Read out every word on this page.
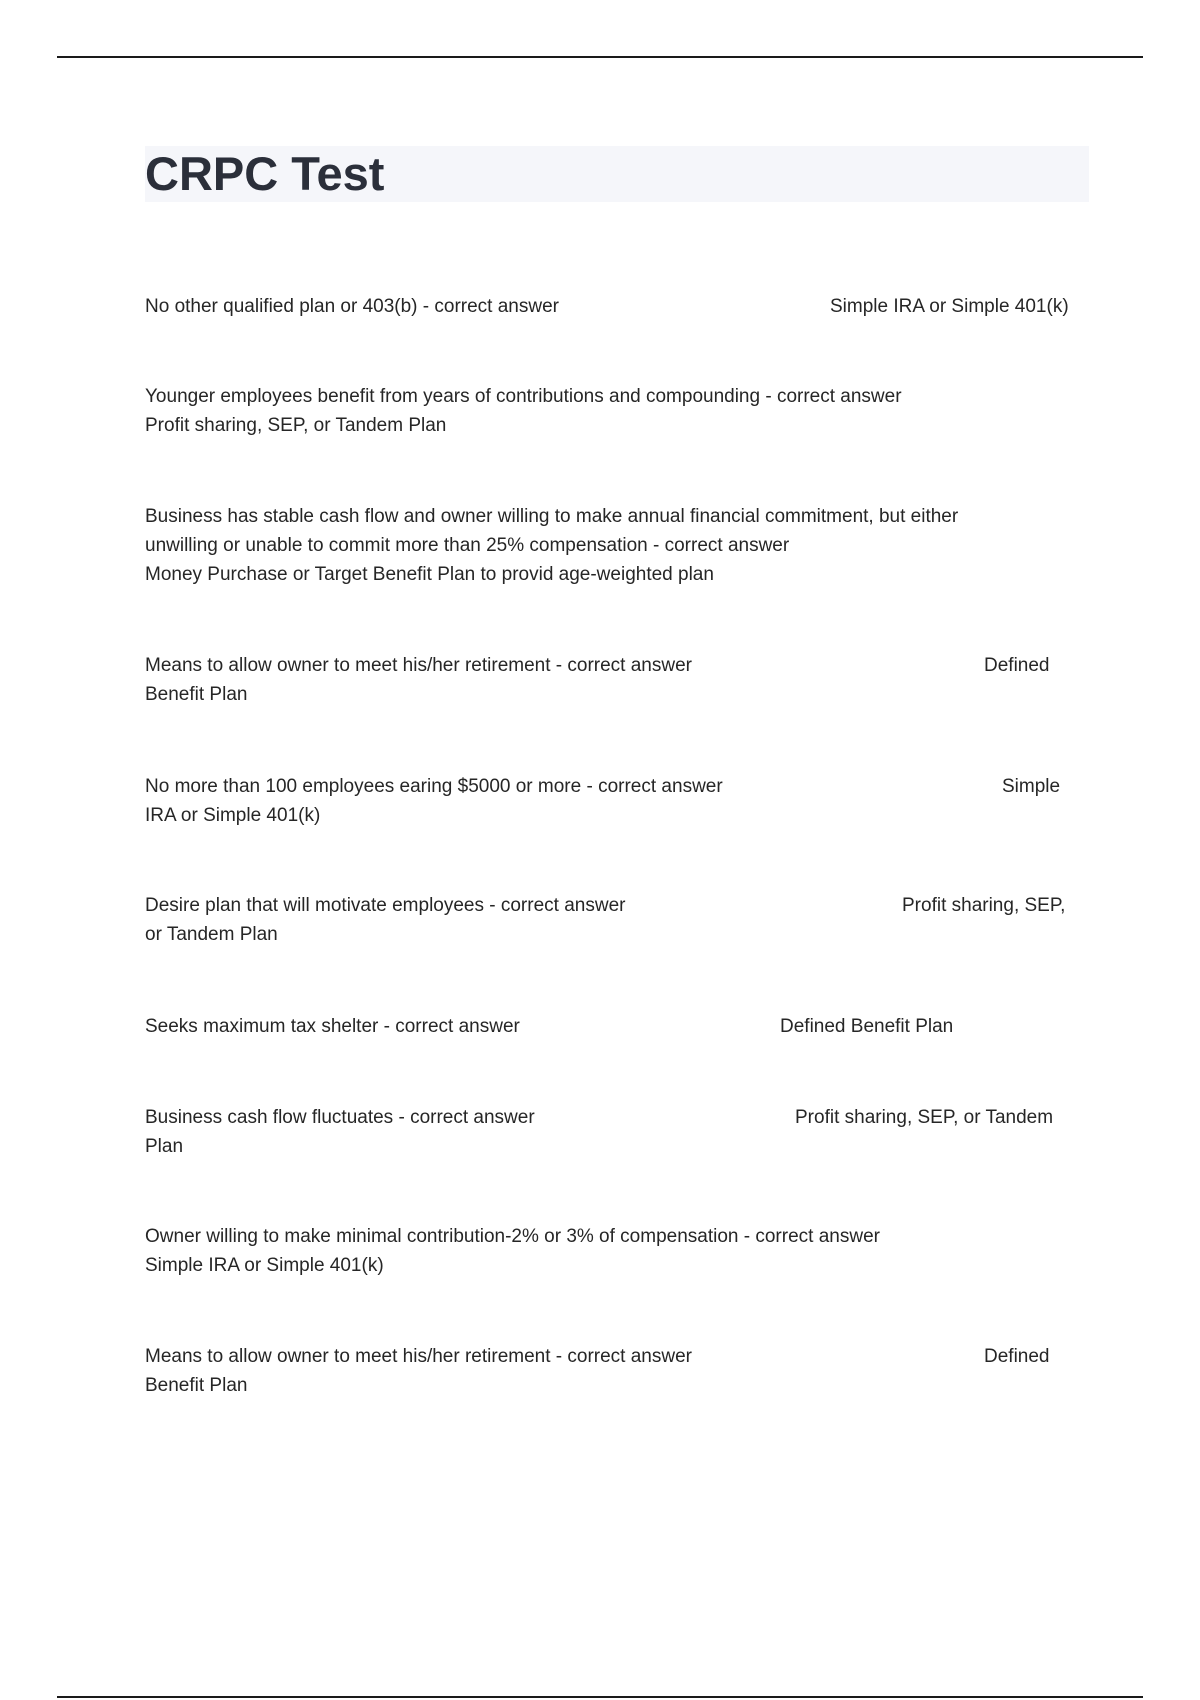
CRPC Test
No other qualified plan or 403(b) - correct answer	Simple IRA or Simple 401(k)
Younger employees benefit from years of contributions and compounding - correct answer
Profit sharing, SEP, or Tandem Plan
Business has stable cash flow and owner willing to make annual financial commitment, but either
unwilling or unable to commit more than 25% compensation - correct answer
Money Purchase or Target Benefit Plan to provid age-weighted plan
Means to allow owner to meet his/her retirement - correct answer	Defined
Benefit Plan
No more than 100 employees earing $5000 or more - correct answer	Simple
IRA or Simple 401(k)
Desire plan that will motivate employees - correct answer	Profit sharing, SEP,
or Tandem Plan
Seeks maximum tax shelter - correct answer	Defined Benefit Plan
Business cash flow fluctuates - correct answer	Profit sharing, SEP, or Tandem
Plan
Owner willing to make minimal contribution-2% or 3% of compensation - correct answer
Simple IRA or Simple 401(k)
Means to allow owner to meet his/her retirement - correct answer	Defined
Benefit Plan
